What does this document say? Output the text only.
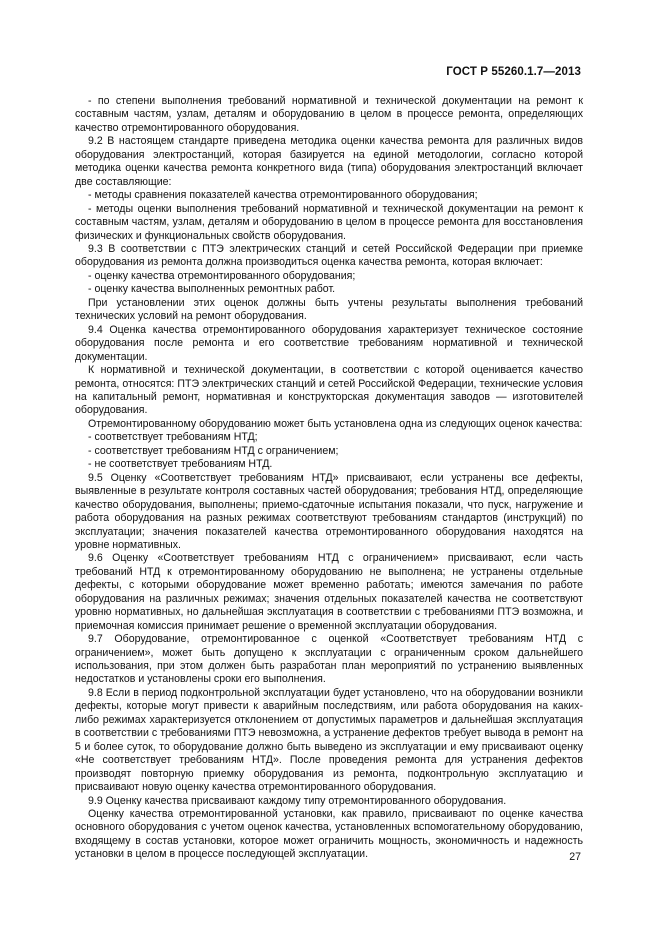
ГОСТ Р 55260.1.7—2013

- по степени выполнения требований нормативной и технической документации на ремонт к составным частям, узлам, деталям и оборудованию в целом в процессе ремонта, определяющих качество отремонтированного оборудования.

9.2 В настоящем стандарте приведена методика оценки качества ремонта для различных видов оборудования электростанций, которая базируется на единой методологии, согласно которой методика оценки качества ремонта конкретного вида (типа) оборудования электростанций включает две составляющие:

- методы сравнения показателей качества отремонтированного оборудования;

- методы оценки выполнения требований нормативной и технической документации на ремонт к составным частям, узлам, деталям и оборудованию в целом в процессе ремонта для восстановления физических и функциональных свойств оборудования.

9.3 В соответствии с ПТЭ электрических станций и сетей Российской Федерации при приемке оборудования из ремонта должна производиться оценка качества ремонта, которая включает:

- оценку качества отремонтированного оборудования;

- оценку качества выполненных ремонтных работ.

При установлении этих оценок должны быть учтены результаты выполнения требований технических условий на ремонт оборудования.

9.4 Оценка качества отремонтированного оборудования характеризует техническое состояние оборудования после ремонта и его соответствие требованиям нормативной и технической документации.

К нормативной и технической документации, в соответствии с которой оценивается качество ремонта, относятся: ПТЭ электрических станций и сетей Российской Федерации, технические условия на капитальный ремонт, нормативная и конструкторская документация заводов — изготовителей оборудования.

Отремонтированному оборудованию может быть установлена одна из следующих оценок качества:

- соответствует требованиям НТД;

- соответствует требованиям НТД с ограничением;

- не соответствует требованиям НТД.

9.5 Оценку «Соответствует требованиям НТД» присваивают, если устранены все дефекты, выявленные в результате контроля составных частей оборудования; требования НТД, определяющие качество оборудования, выполнены; приемо-сдаточные испытания показали, что пуск, нагружение и работа оборудования на разных режимах соответствуют требованиям стандартов (инструкций) по эксплуатации; значения показателей качества отремонтированного оборудования находятся на уровне нормативных.

9.6 Оценку «Соответствует требованиям НТД с ограничением» присваивают, если часть требований НТД к отремонтированному оборудованию не выполнена; не устранены отдельные дефекты, с которыми оборудование может временно работать; имеются замечания по работе оборудования на различных режимах; значения отдельных показателей качества не соответствуют уровню нормативных, но дальнейшая эксплуатация в соответствии с требованиями ПТЭ возможна, и приемочная комиссия принимает решение о временной эксплуатации оборудования.

9.7 Оборудование, отремонтированное с оценкой «Соответствует требованиям НТД с ограничением», может быть допущено к эксплуатации с ограниченным сроком дальнейшего использования, при этом должен быть разработан план мероприятий по устранению выявленных недостатков и установлены сроки его выполнения.

9.8 Если в период подконтрольной эксплуатации будет установлено, что на оборудовании возникли дефекты, которые могут привести к аварийным последствиям, или работа оборудования на каких-либо режимах характеризуется отклонением от допустимых параметров и дальнейшая эксплуатация в соответствии с требованиями ПТЭ невозможна, а устранение дефектов требует вывода в ремонт на 5 и более суток, то оборудование должно быть выведено из эксплуатации и ему присваивают оценку «Не соответствует требованиям НТД». После проведения ремонта для устранения дефектов производят повторную приемку оборудования из ремонта, подконтрольную эксплуатацию и присваивают новую оценку качества отремонтированного оборудования.

9.9 Оценку качества присваивают каждому типу отремонтированного оборудования.

Оценку качества отремонтированной установки, как правило, присваивают по оценке качества основного оборудования с учетом оценок качества, установленных вспомогательному оборудованию, входящему в состав установки, которое может ограничить мощность, экономичность и надежность установки в целом в процессе последующей эксплуатации.	27
